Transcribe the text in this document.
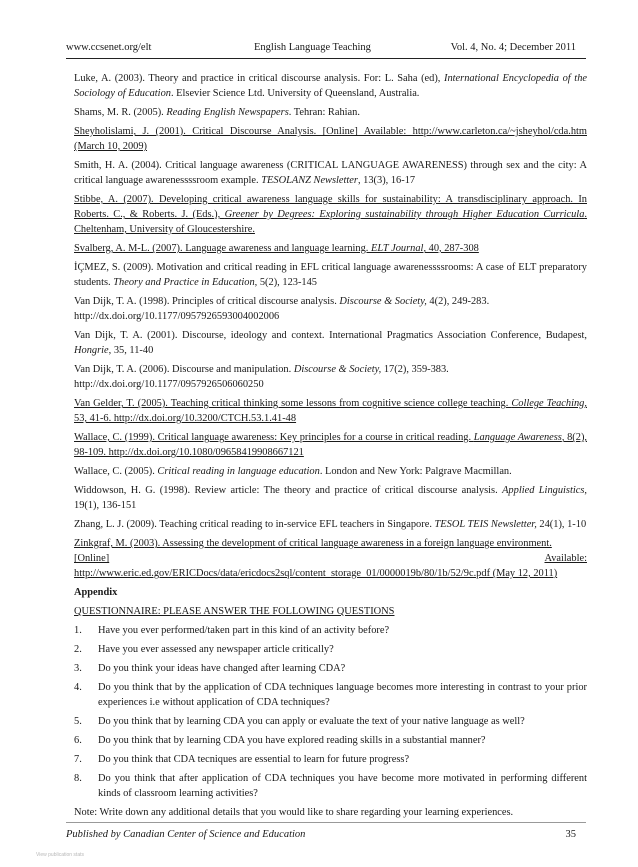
www.ccsenet.org/elt	English Language Teaching	Vol. 4, No. 4; December 2011

Luke, A. (2003). Theory and practice in critical discourse analysis. For: L. Saha (ed), International Encyclopedia of the Sociology of Education. Elsevier Science Ltd. University of Queensland, Australia.

Shams, M. R. (2005). Reading English Newspapers. Tehran: Rahian.

Sheyholislami, J. (2001). Critical Discourse Analysis. [Online] Available: http://www.carleton.ca/~jsheyhol/cda.htm (March 10, 2009)

Smith, H. A. (2004). Critical language awareness (CRITICAL LANGUAGE AWARENESS) through sex and the city: A critical language awarenessssroom example. TESOLANZ Newsletter, 13(3), 16-17

Stibbe, A. (2007). Developing critical awareness language skills for sustainability: A transdisciplinary approach. In Roberts. C., & Roberts. J. (Eds.), Greener by Degrees: Exploring sustainability through Higher Education Curricula. Cheltenham, University of Gloucestershire.

Svalberg, A. M-L. (2007). Language awareness and language learning. ELT Journal, 40, 287-308

İÇMEZ, S. (2009). Motivation and critical reading in EFL critical language awarenessssrooms: A case of ELT preparatory students. Theory and Practice in Education, 5(2), 123-145

Van Dijk, T. A. (1998). Principles of critical discourse analysis. Discourse & Society, 4(2), 249-283.
http://dx.doi.org/10.1177/0957926593004002006

Van Dijk, T. A. (2001). Discourse, ideology and context. International Pragmatics Association Conference, Budapest, Hongrie, 35, 11-40

Van Dijk, T. A. (2006). Discourse and manipulation. Discourse & Society, 17(2), 359-383.
http://dx.doi.org/10.1177/0957926506060250

Van Gelder, T. (2005). Teaching critical thinking some lessons from cognitive science college teaching. College Teaching, 53, 41-6. http://dx.doi.org/10.3200/CTCH.53.1.41-48

Wallace, C. (1999). Critical language awareness: Key principles for a course in critical reading. Language Awareness, 8(2), 98-109. http://dx.doi.org/10.1080/09658419908667121

Wallace, C. (2005). Critical reading in language education. London and New York: Palgrave Macmillan.

Widdowson, H. G. (1998). Review article: The theory and practice of critical discourse analysis. Applied Linguistics, 19(1), 136-151

Zhang, L. J. (2009). Teaching critical reading to in-service EFL teachers in Singapore. TESOL TEIS Newsletter, 24(1), 1-10

Zinkgraf, M. (2003). Assessing the development of critical language awareness in a foreign language environment.
[Online]	Available:
http://www.eric.ed.gov/ERICDocs/data/ericdocs2sql/content_storage_01/0000019b/80/1b/52/9c.pdf (May 12, 2011)

Appendix

QUESTIONNAIRE: PLEASE ANSWER THE FOLLOWING QUESTIONS

1.	Have you ever performed/taken part in this kind of an activity before?
2.	Have you ever assessed any newspaper article critically?
3.	Do you think your ideas have changed after learning CDA?
4.	Do you think that by the application of CDA techniques language becomes more interesting in contrast to your prior experiences i.e without application of CDA techniques?
5.	Do you think that by learning CDA you can apply or evaluate the text of your native language as well?
6.	Do you think that by learning CDA you have explored reading skills in a substantial manner?
7.	Do you think that CDA tecniques are essential to learn for future progress?
8.	Do you think that after application of CDA techniques you have become more motivated in performing different kinds of classroom learning activities?

Note: Write down any additional details that you would like to share regarding your learning experiences.

Published by Canadian Center of Science and Education	35
View publication stats
